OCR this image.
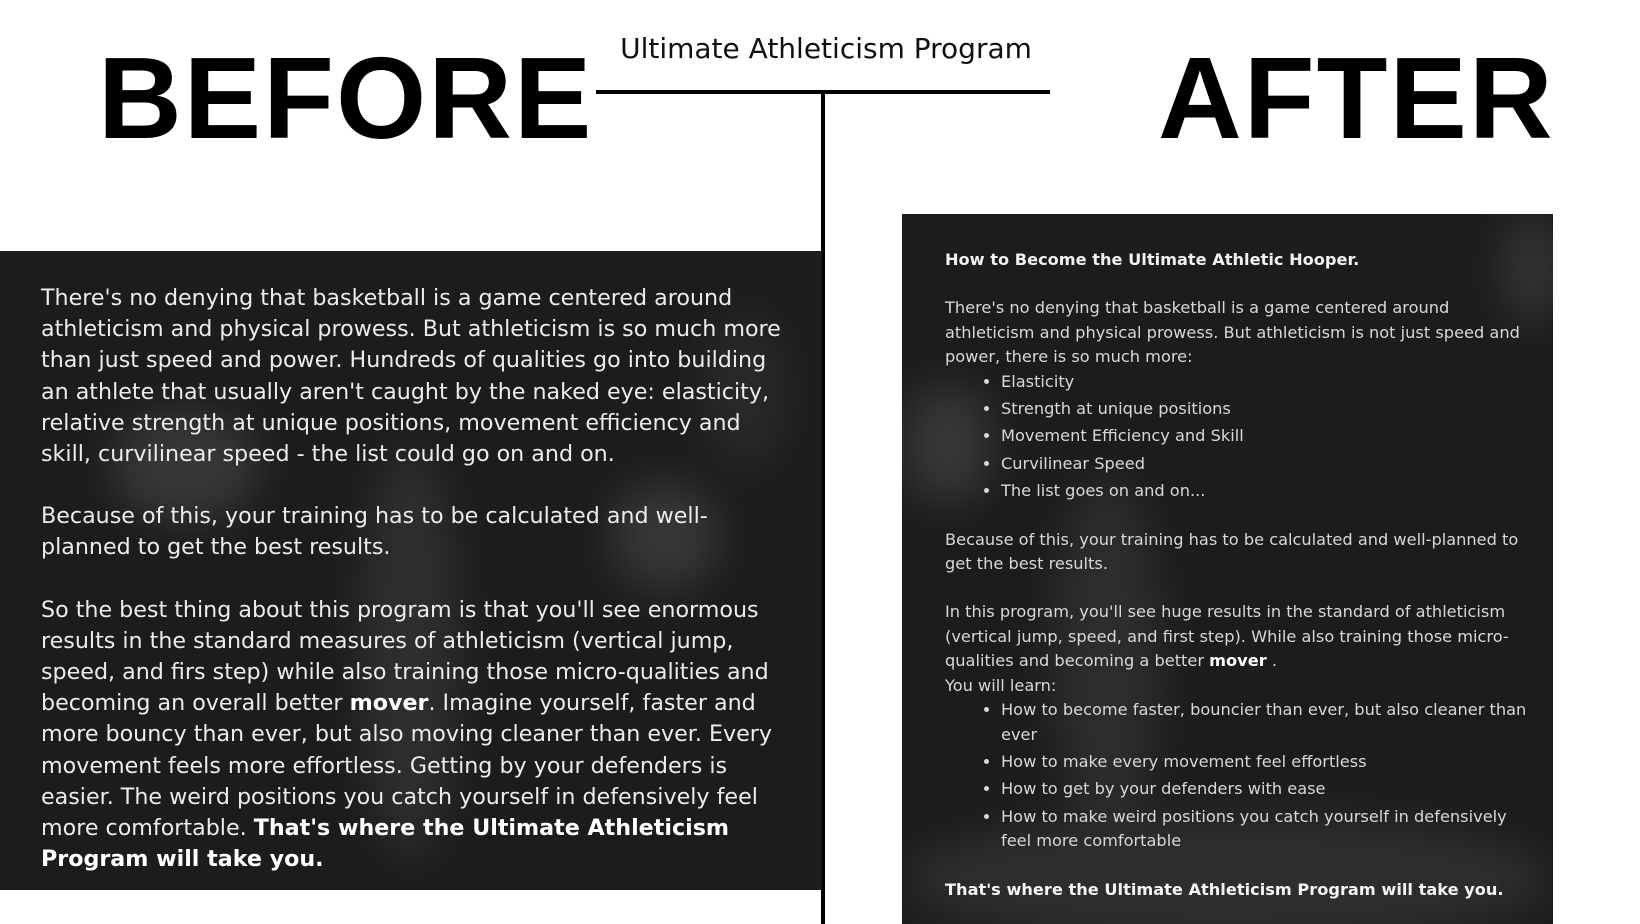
BEFORE Ultimate Athleticism Program AFTER

There's no denying that basketball is a game centered around athleticism and physical prowess. But athleticism is so much more than just speed and power. Hundreds of qualities go into building an athlete that usually aren't caught by the naked eye: elasticity, relative strength at unique positions, movement efficiency and skill, curvilinear speed - the list could go on and on.

Because of this, your training has to be calculated and well-planned to get the best results.

So the best thing about this program is that you'll see enormous results in the standard measures of athleticism (vertical jump, speed, and firs step) while also training those micro-qualities and becoming an overall better mover. Imagine yourself, faster and more bouncy than ever, but also moving cleaner than ever. Every movement feels more effortless. Getting by your defenders is easier. The weird positions you catch yourself in defensively feel more comfortable. That's where the Ultimate Athleticism Program will take you.

How to Become the Ultimate Athletic Hooper.

There's no denying that basketball is a game centered around athleticism and physical prowess. But athleticism is not just speed and power, there is so much more:

• Elasticity
• Strength at unique positions
• Movement Efficiency and Skill
• Curvilinear Speed
• The list goes on and on...

Because of this, your training has to be calculated and well-planned to get the best results.

In this program, you'll see huge results in the standard of athleticism (vertical jump, speed, and first step). While also training those micro-qualities and becoming a better mover .

You will learn:

• How to become faster, bouncier than ever, but also cleaner than ever
• How to make every movement feel effortless
• How to get by your defenders with ease
• How to make weird positions you catch yourself in defensively feel more comfortable

That's where the Ultimate Athleticism Program will take you.
